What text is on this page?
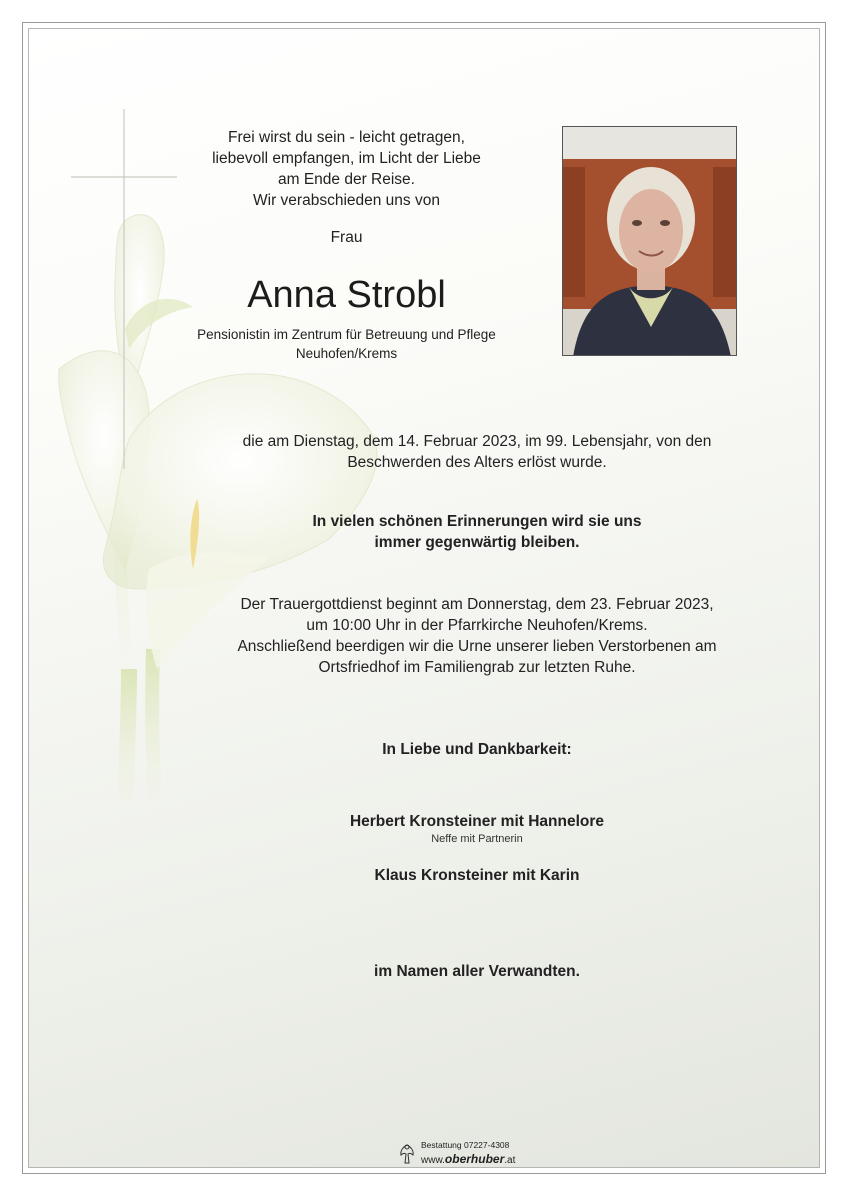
Frei wirst du sein - leicht getragen,
liebevoll empfangen, im Licht der Liebe
am Ende der Reise.
Wir verabschieden uns von
Frau
Anna Strobl
Pensionistin im Zentrum für Betreuung und Pflege
Neuhofen/Krems
die am Dienstag, dem 14. Februar 2023, im 99. Lebensjahr, von den
Beschwerden des Alters erlöst wurde.
In vielen schönen Erinnerungen wird sie uns
immer gegenwärtig bleiben.
Der Trauergottdienst beginnt am Donnerstag, dem 23. Februar 2023,
um 10:00 Uhr in der Pfarrkirche Neuhofen/Krems.
Anschließend beerdigen wir die Urne unserer lieben Verstorbenen am
Ortsfriedhof im Familiengrab zur letzten Ruhe.
In Liebe und Dankbarkeit:
Herbert Kronsteiner mit Hannelore
Neffe mit Partnerin
Klaus Kronsteiner mit Karin
im Namen aller Verwandten.
Bestattung 07227-4308
www.oberhuber.at
